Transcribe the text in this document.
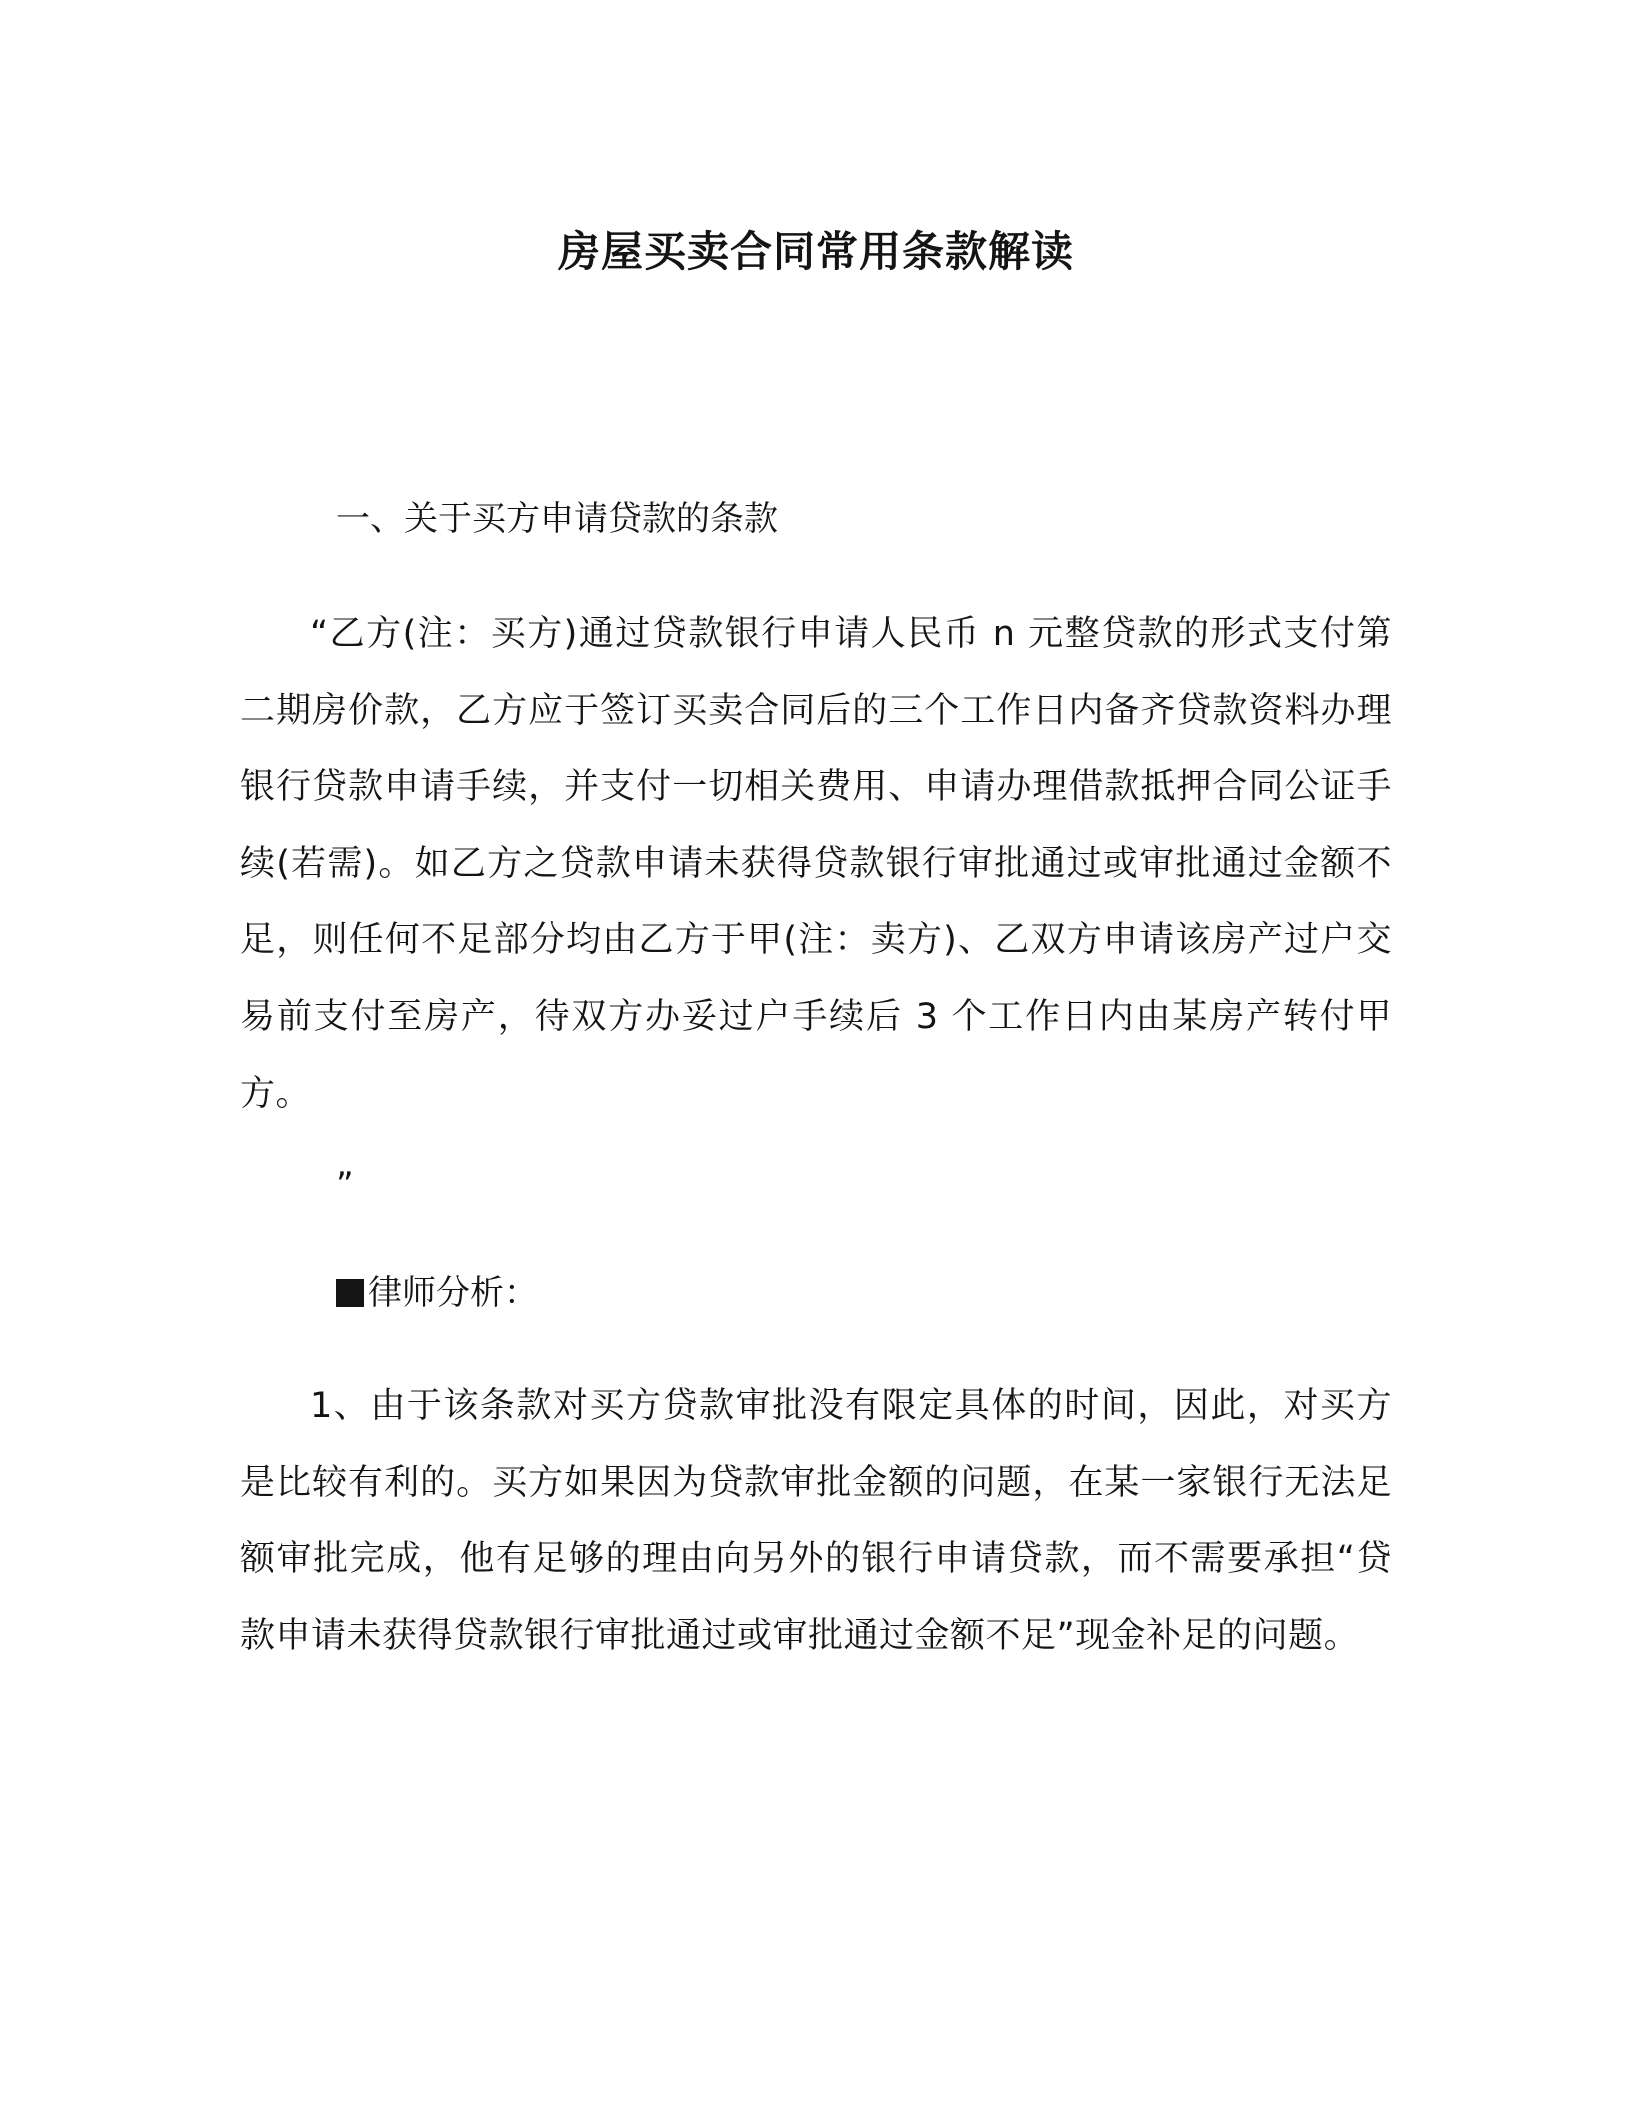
房屋买卖合同常用条款解读

一、关于买方申请贷款的条款

“乙方(注：买方)通过贷款银行申请人民币 n 元整贷款的形式支付第二期房价款，乙方应于签订买卖合同后的三个工作日内备齐贷款资料办理银行贷款申请手续，并支付一切相关费用、申请办理借款抵押合同公证手续(若需)。如乙方之贷款申请未获得贷款银行审批通过或审批通过金额不足，则任何不足部分均由乙方于甲(注：卖方)、乙双方申请该房产过户交易前支付至房产，待双方办妥过户手续后 3 个工作日内由某房产转付甲方。

”

律师分析：

1、由于该条款对买方贷款审批没有限定具体的时间，因此，对买方是比较有利的。买方如果因为贷款审批金额的问题，在某一家银行无法足额审批完成，他有足够的理由向另外的银行申请贷款，而不需要承担“贷款申请未获得贷款银行审批通过或审批通过金额不足”现金补足的问题。
